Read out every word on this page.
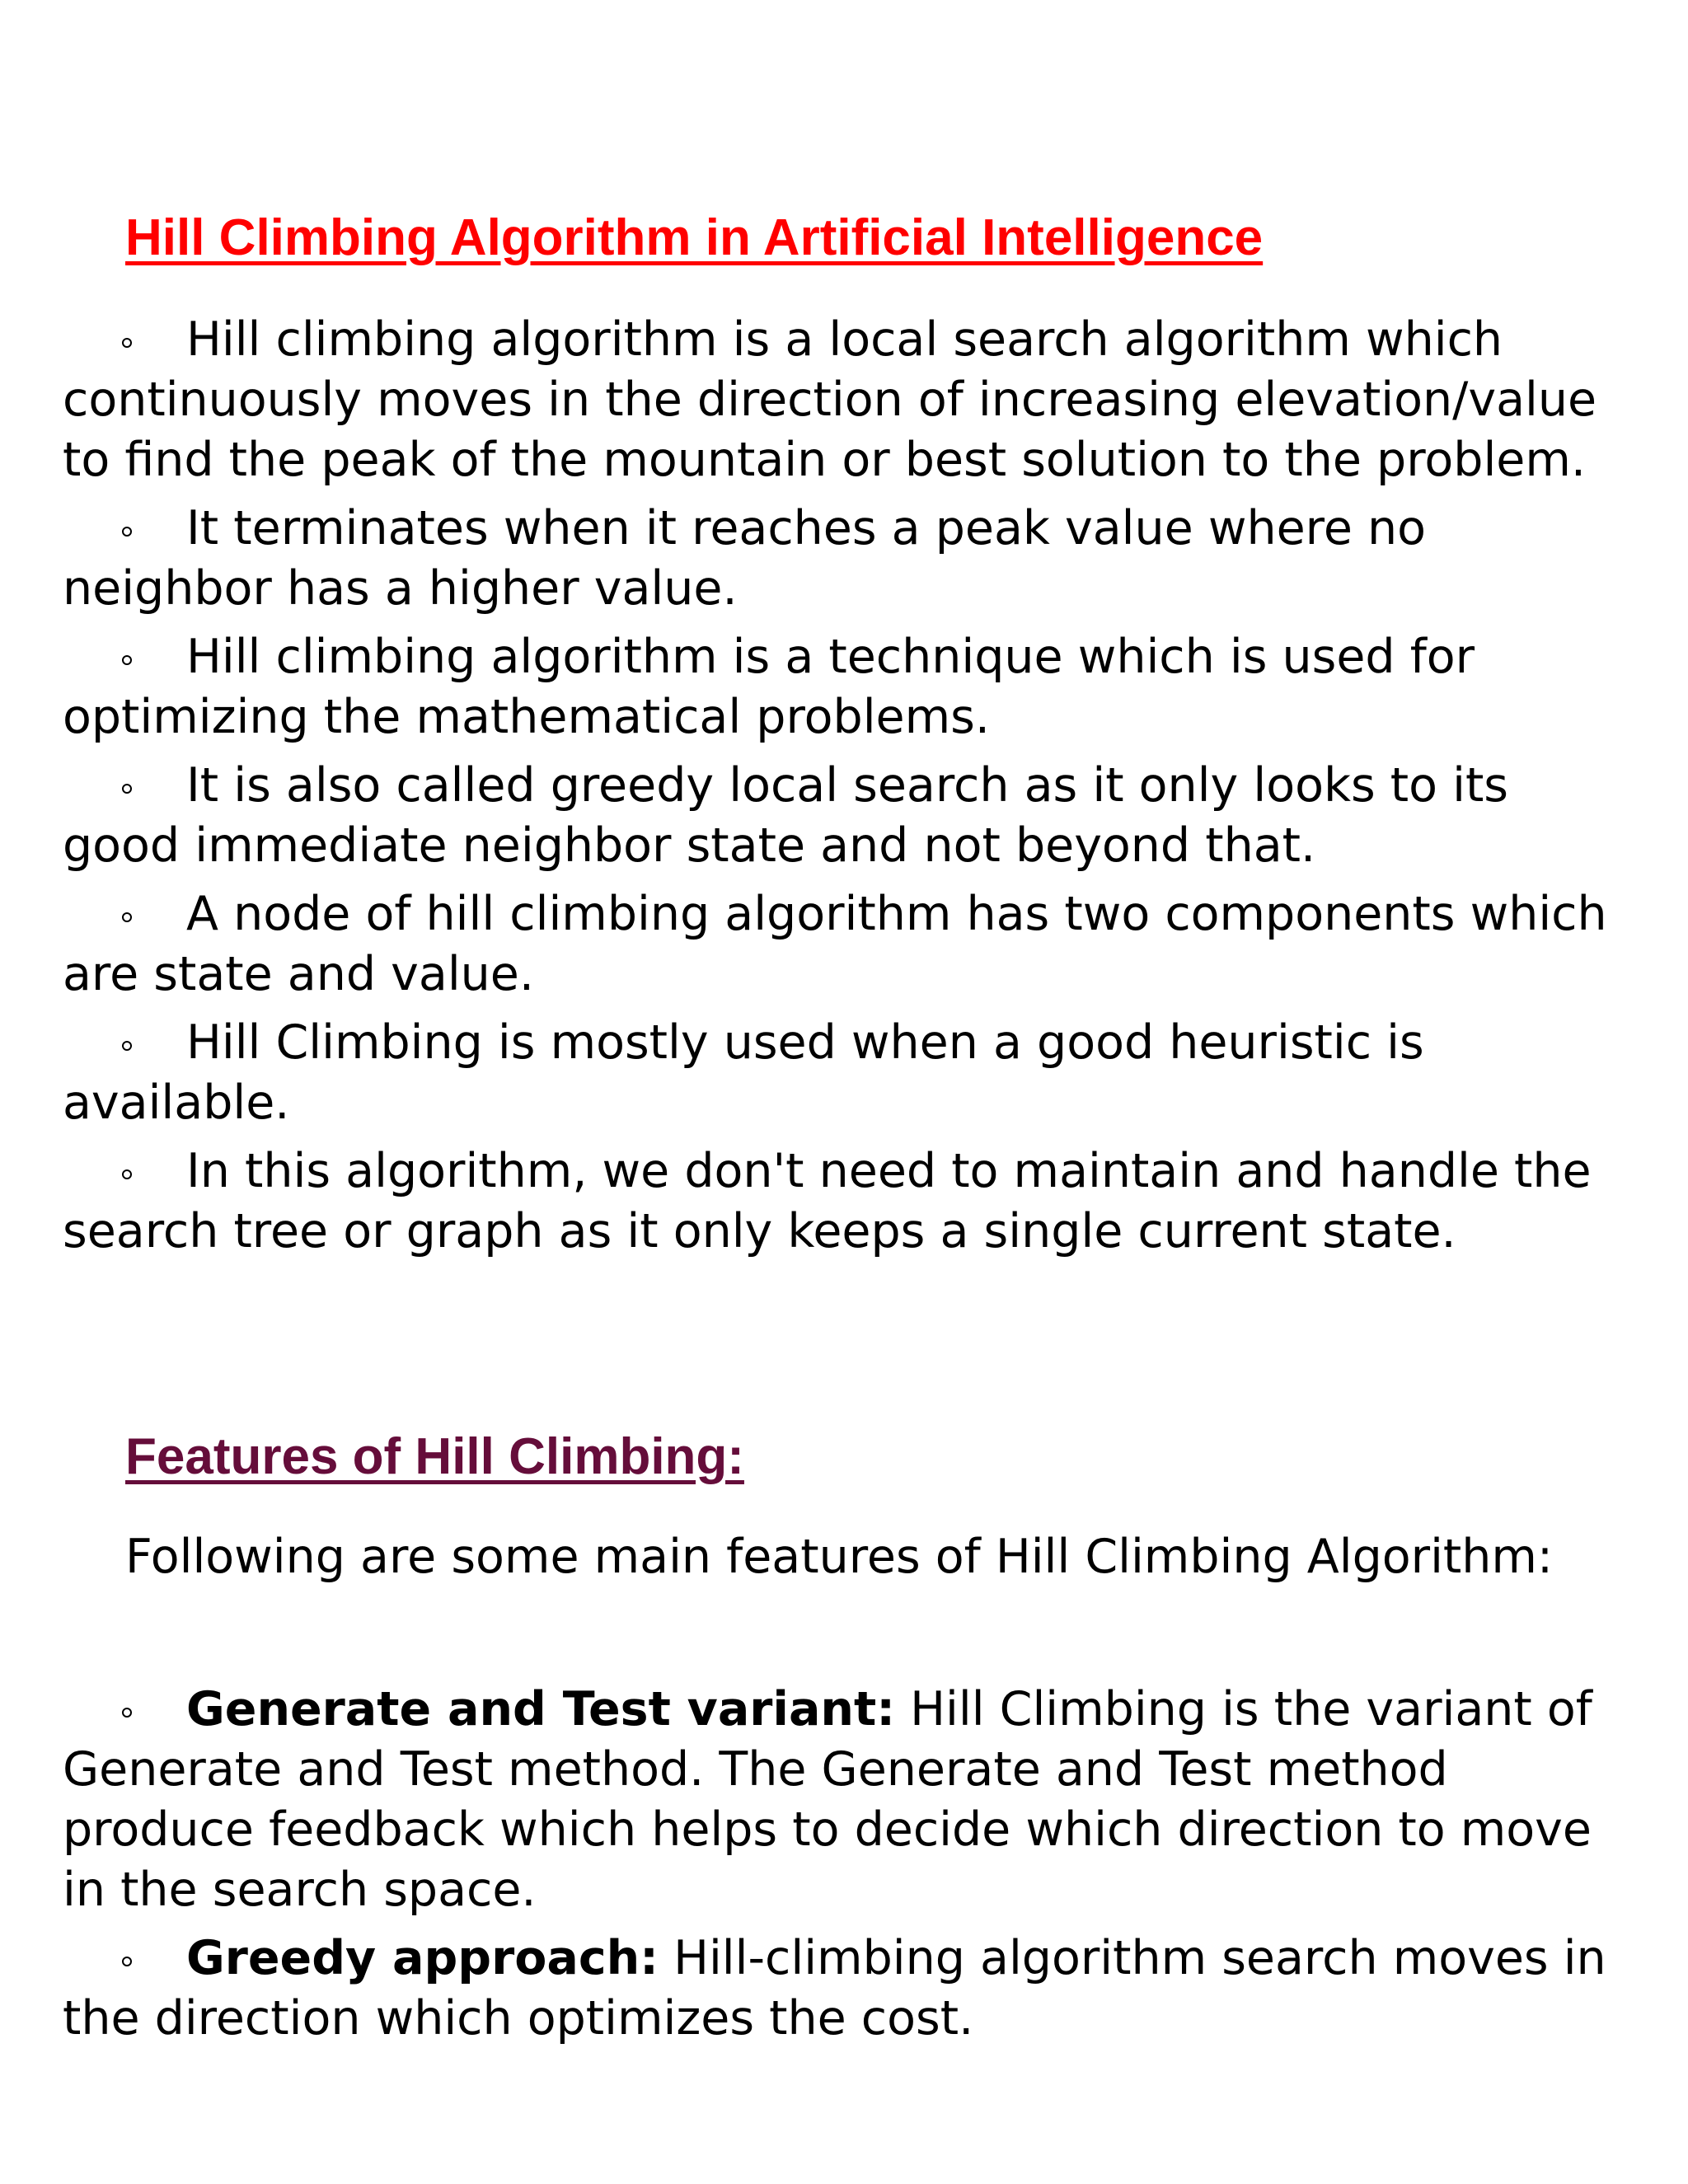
Hill Climbing Algorithm in Artificial Intelligence
Hill climbing algorithm is a local search algorithm which continuously moves in the direction of increasing elevation/value to find the peak of the mountain or best solution to the problem.
It terminates when it reaches a peak value where no neighbor has a higher value.
Hill climbing algorithm is a technique which is used for optimizing the mathematical problems.
It is also called greedy local search as it only looks to its good immediate neighbor state and not beyond that.
A node of hill climbing algorithm has two components which are state and value.
Hill Climbing is mostly used when a good heuristic is available.
In this algorithm, we don't need to maintain and handle the search tree or graph as it only keeps a single current state.
Features of Hill Climbing:

Following are some main features of Hill Climbing Algorithm:

Generate and Test variant: Hill Climbing is the variant of Generate and Test method. The Generate and Test method produce feedback which helps to decide which direction to move in the search space.
Greedy approach: Hill-climbing algorithm search moves in the direction which optimizes the cost.
